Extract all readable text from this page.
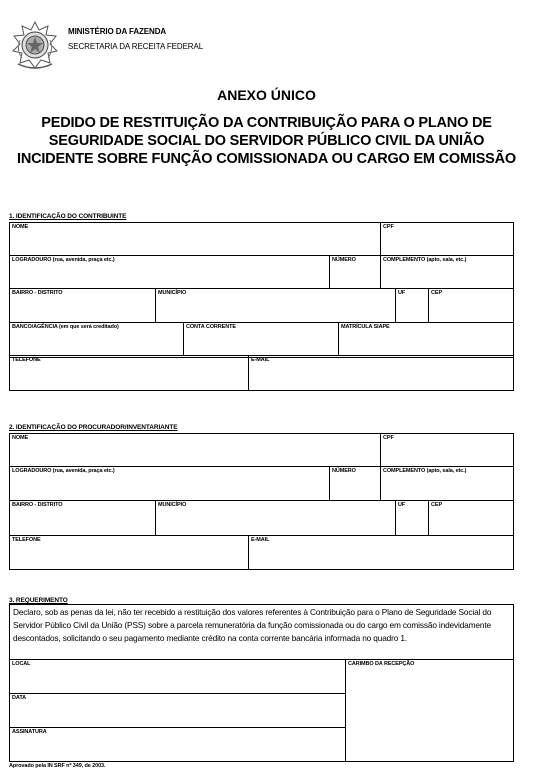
MINISTÉRIO DA FAZENDA
SECRETARIA DA RECEITA FEDERAL
ANEXO ÚNICO
PEDIDO DE RESTITUIÇÃO DA CONTRIBUIÇÃO PARA O PLANO DE
SEGURIDADE SOCIAL DO SERVIDOR PÚBLICO CIVIL DA UNIÃO
INCIDENTE SOBRE FUNÇÃO COMISSIONADA OU CARGO EM COMISSÃO
1. IDENTIFICAÇÃO DO CONTRIBUINTE
NOME	CPF
LOGRADOURO (rua, avenida, praça etc.)	NÚMERO	COMPLEMENTO (apto, sala, etc.)
BAIRRO - DISTRITO	MUNICÍPIO	UF	CEP
BANCO/AGÊNCIA (em que será creditado)	CONTA CORRENTE	MATRÍCULA SIAPE
TELEFONE	E-MAIL
2. IDENTIFICAÇÃO DO PROCURADOR/INVENTARIANTE
NOME	CPF
LOGRADOURO (rua, avenida, praça etc.)	NÚMERO	COMPLEMENTO (apto, sala, etc.)
BAIRRO - DISTRITO	MUNICÍPIO	UF	CEP
TELEFONE	E-MAIL
3. REQUERIMENTO
Declaro, sob as penas da lei, não ter recebido a restituição dos valores referentes à Contribuição para o Plano de Seguridade Social do Servidor Público Civil da União (PSS) sobre a parcela remuneratória da função comissionada ou do cargo em comissão indevidamente descontados, solicitando o seu pagamento mediante crédito na conta corrente bancária informada no quadro 1.
LOCAL	CARIMBO DA RECEPÇÃO
DATA
ASSINATURA
Aprovado pela IN SRF nº 349, de 2003.
